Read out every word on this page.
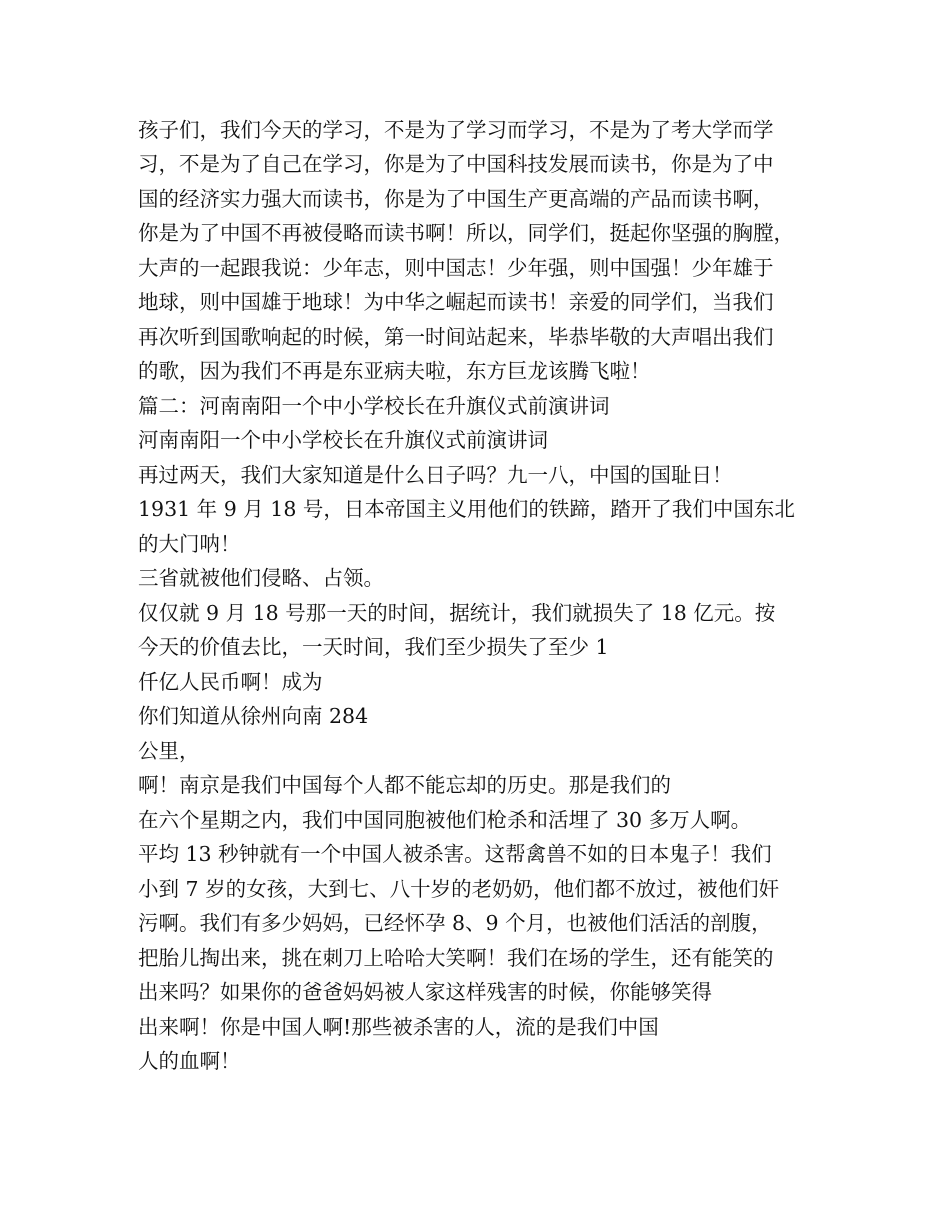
孩子们，我们今天的学习，不是为了学习而学习，不是为了考大学而学
习，不是为了自己在学习，你是为了中国科技发展而读书，你是为了中
国的经济实力强大而读书，你是为了中国生产更高端的产品而读书啊，
你是为了中国不再被侵略而读书啊！所以，同学们，挺起你坚强的胸膛，
大声的一起跟我说：少年志，则中国志！少年强，则中国强！少年雄于
地球，则中国雄于地球！为中华之崛起而读书！亲爱的同学们，当我们
再次听到国歌响起的时候，第一时间站起来，毕恭毕敬的大声唱出我们
的歌，因为我们不再是东亚病夫啦，东方巨龙该腾飞啦！
篇二：河南南阳一个中小学校长在升旗仪式前演讲词
河南南阳一个中小学校长在升旗仪式前演讲词
再过两天，我们大家知道是什么日子吗？九一八，中国的国耻日！
1931 年 9 月 18 号，日本帝国主义用他们的铁蹄，踏开了我们中国东北
的大门呐！
三省就被他们侵略、占领。
仅仅就 9 月 18 号那一天的时间，据统计，我们就损失了 18 亿元。按
今天的价值去比，一天时间，我们至少损失了至少 1
仟亿人民币啊！成为
你们知道从徐州向南 284
公里，
啊！南京是我们中国每个人都不能忘却的历史。那是我们的
在六个星期之内，我们中国同胞被他们枪杀和活埋了 30 多万人啊。
平均 13 秒钟就有一个中国人被杀害。这帮禽兽不如的日本鬼子！我们
小到 7 岁的女孩，大到七、八十岁的老奶奶，他们都不放过，被他们奸
污啊。我们有多少妈妈，已经怀孕 8、9 个月，也被他们活活的剖腹，
把胎儿掏出来，挑在刺刀上哈哈大笑啊！我们在场的学生，还有能笑的
出来吗？如果你的爸爸妈妈被人家这样残害的时候，你能够笑得
出来啊！你是中国人啊!那些被杀害的人，流的是我们中国
人的血啊！
